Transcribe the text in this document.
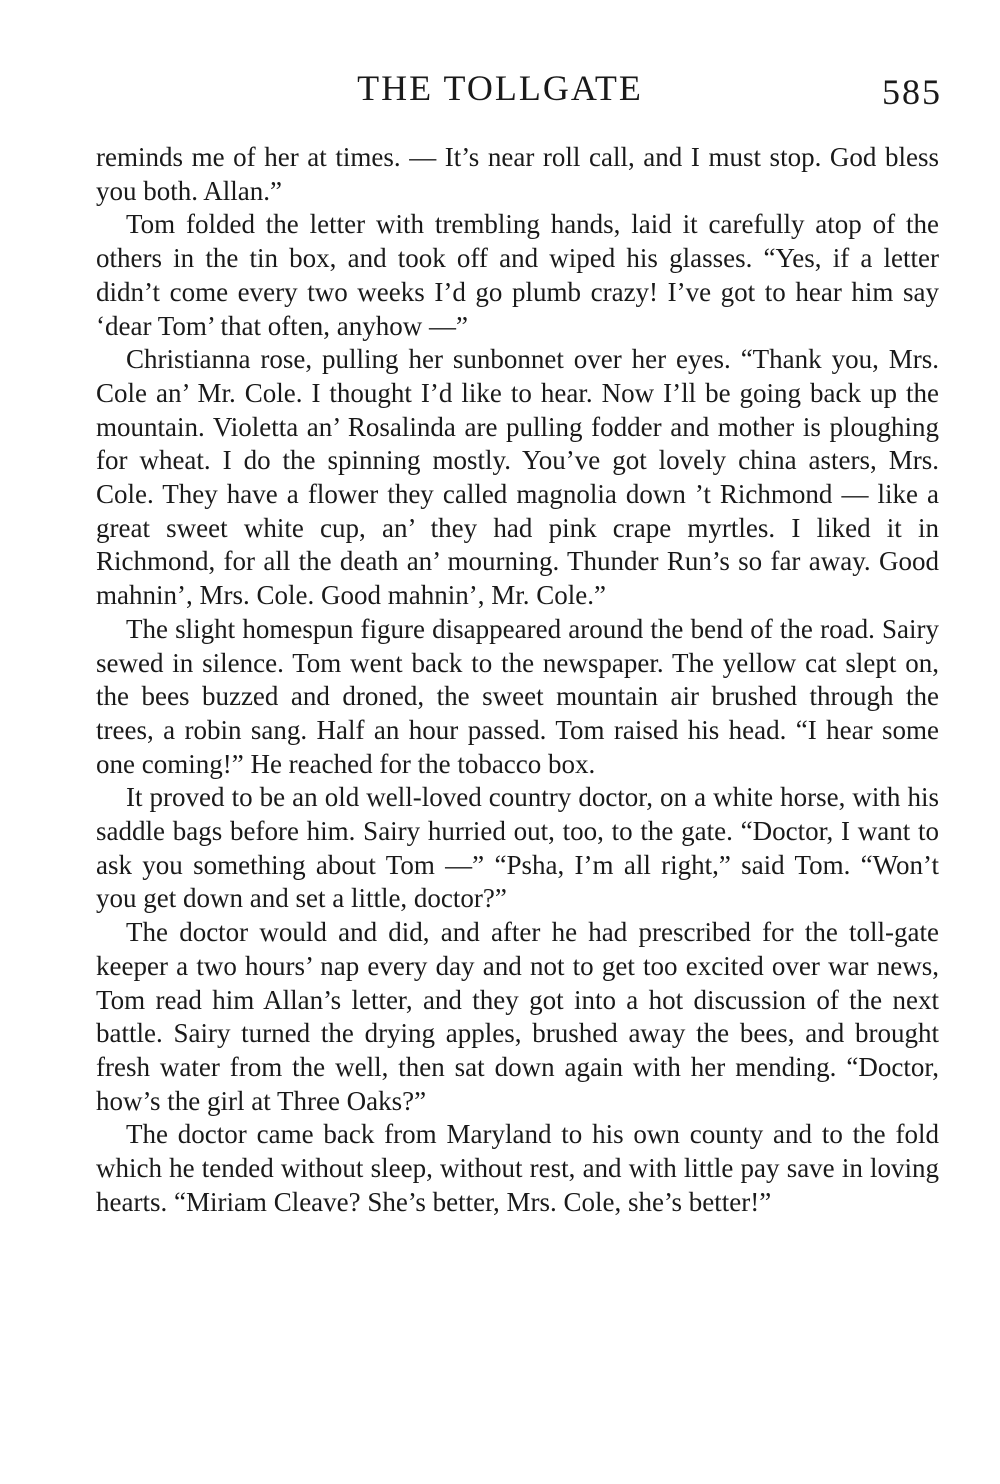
THE TOLLGATE	585

reminds me of her at times. — It’s near roll call, and I must stop. God bless you both. Allan.”

Tom folded the letter with trembling hands, laid it carefully atop of the others in the tin box, and took off and wiped his glasses. “Yes, if a letter didn’t come every two weeks I’d go plumb crazy! I’ve got to hear him say ‘dear Tom’ that often, anyhow —”

Christianna rose, pulling her sunbonnet over her eyes. “Thank you, Mrs. Cole an’ Mr. Cole. I thought I’d like to hear. Now I’ll be going back up the mountain. Violetta an’ Rosalinda are pulling fodder and mother is ploughing for wheat. I do the spinning mostly. You’ve got lovely china asters, Mrs. Cole. They have a flower they called magnolia down ’t Richmond — like a great sweet white cup, an’ they had pink crape myrtles. I liked it in Richmond, for all the death an’ mourning. Thunder Run’s so far away. Good mahnin’, Mrs. Cole. Good mahnin’, Mr. Cole.”

The slight homespun figure disappeared around the bend of the road. Sairy sewed in silence. Tom went back to the newspaper. The yellow cat slept on, the bees buzzed and droned, the sweet mountain air brushed through the trees, a robin sang. Half an hour passed. Tom raised his head. “I hear some one coming!” He reached for the tobacco box.

It proved to be an old well-loved country doctor, on a white horse, with his saddle bags before him. Sairy hurried out, too, to the gate. “Doctor, I want to ask you something about Tom —” “Psha, I’m all right,” said Tom. “Won’t you get down and set a little, doctor?”

The doctor would and did, and after he had prescribed for the toll-gate keeper a two hours’ nap every day and not to get too excited over war news, Tom read him Allan’s letter, and they got into a hot discussion of the next battle. Sairy turned the drying apples, brushed away the bees, and brought fresh water from the well, then sat down again with her mending. “Doctor, how’s the girl at Three Oaks?”

The doctor came back from Maryland to his own county and to the fold which he tended without sleep, without rest, and with little pay save in loving hearts. “Miriam Cleave? She’s better, Mrs. Cole, she’s better!”
